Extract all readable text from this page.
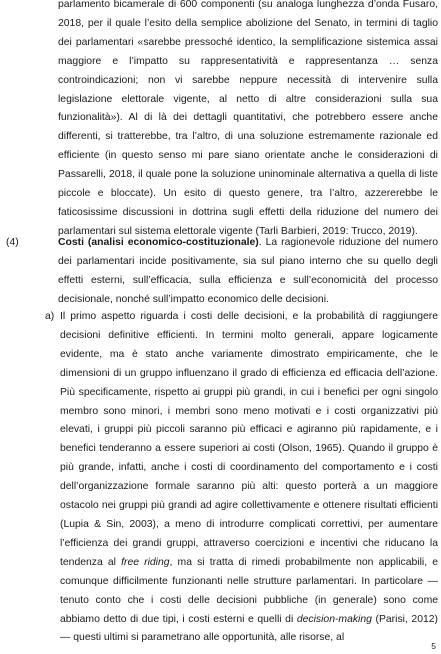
parlamento bicamerale di 600 componenti (su analoga lunghezza d’onda Fusaro, 2018, per il quale l’esito della semplice abolizione del Senato, in termini di taglio dei parlamentari «sarebbe pressoché identico, la semplificazione sistemica assai maggiore e l’impatto su rappresentatività e rappresentanza … senza controindicazioni; non vi sarebbe neppure necessità di intervenire sulla legislazione elettorale vigente, al netto di altre considerazioni sulla sua funzionalità»). Al di là dei dettagli quantitativi, che potrebbero essere anche differenti, si tratterebbe, tra l’altro, di una soluzione estremamente razionale ed efficiente (in questo senso mi pare siano orientate anche le considerazioni di Passarelli, 2018, il quale pone la soluzione uninominale alternativa a quella di liste piccole e bloccate). Un esito di questo genere, tra l’altro, azzererebbe le faticosissime discussioni in dottrina sugli effetti della riduzione del numero dei parlamentari sul sistema elettorale vigente (Tarli Barbieri, 2019: Trucco, 2019).
(4)	Costi (analisi economico-costituzionale). La ragionevole riduzione del numero dei parlamentari incide positivamente, sia sul piano interno che su quello degli effetti esterni, sull’efficacia, sulla efficienza e sull’economicità del processo decisionale, nonché sull’impatto economico delle decisioni.
a) Il primo aspetto riguarda i costi delle decisioni, e la probabilità di raggiungere decisioni definitive efficienti. In termini molto generali, appare logicamente evidente, ma è stato anche variamente dimostrato empiricamente, che le dimensioni di un gruppo influenzano il grado di efficienza ed efficacia dell’azione. Più specificamente, rispetto ai gruppi più grandi, in cui i benefici per ogni singolo membro sono minori, i membri sono meno motivati e i costi organizzativi più elevati, i gruppi più piccoli saranno più efficaci e agiranno più rapidamente, e i benefici tenderanno a essere superiori ai costi (Olson, 1965). Quando il gruppo è più grande, infatti, anche i costi di coordinamento del comportamento e i costi dell’organizzazione formale saranno più alti: questo porterà a un maggiore ostacolo nei gruppi più grandi ad agire collettivamente e ottenere risultati efficienti (Lupia & Sin, 2003), a meno di introdurre complicati correttivi, per aumentare l’efficienza dei grandi gruppi, attraverso coercizioni e incentivi che riducano la tendenza al free riding, ma si tratta di rimedi probabilmente non applicabili, e comunque difficilmente funzionanti nelle strutture parlamentari. In particolare — tenuto conto che i costi delle decisioni pubbliche (in generale) sono come abbiamo detto di due tipi, i costi esterni e quelli di decision-making (Parisi, 2012) — questi ultimi si parametrano alle opportunità, alle risorse, al
5
